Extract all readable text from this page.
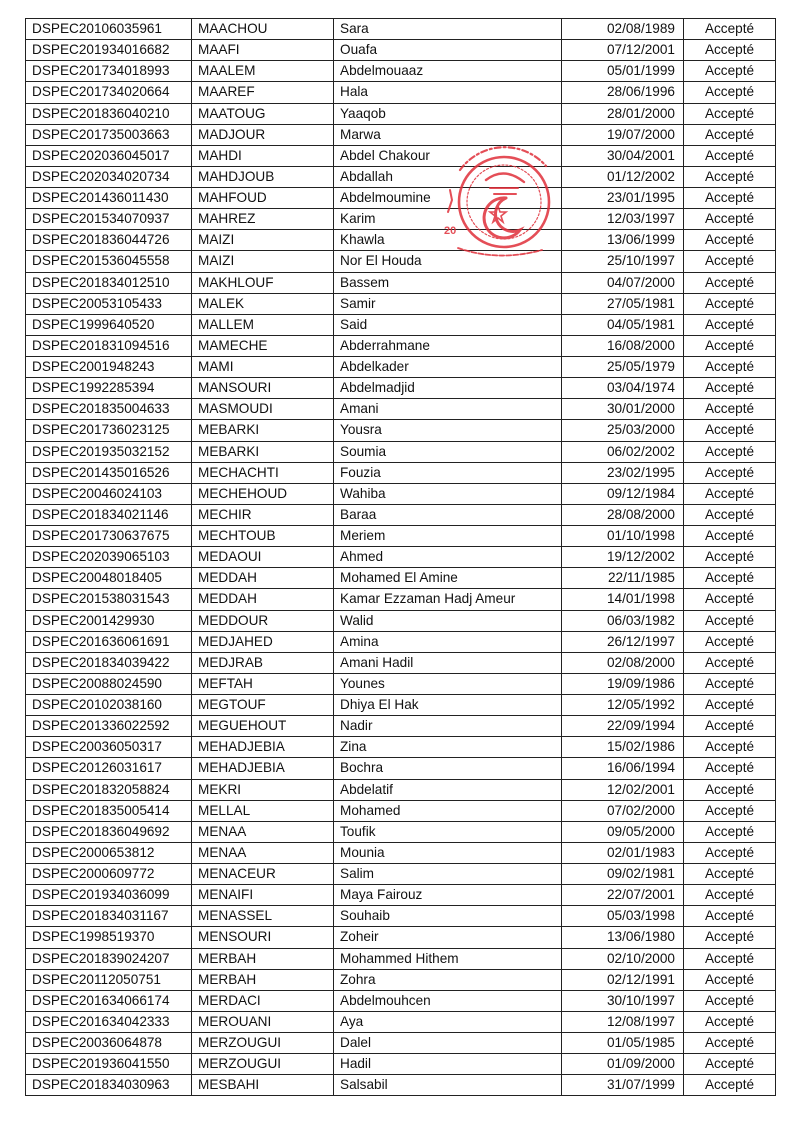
DSPEC20106035961	MAACHOU	Sara	02/08/1989	Accepté
DSPEC201934016682	MAAFI	Ouafa	07/12/2001	Accepté
DSPEC201734018993	MAALEM	Abdelmouaaz	05/01/1999	Accepté
DSPEC201734020664	MAAREF	Hala	28/06/1996	Accepté
DSPEC201836040210	MAATOUG	Yaaqob	28/01/2000	Accepté
DSPEC201735003663	MADJOUR	Marwa	19/07/2000	Accepté
DSPEC202036045017	MAHDI	Abdel Chakour	30/04/2001	Accepté
DSPEC202034020734	MAHDJOUB	Abdallah	01/12/2002	Accepté
DSPEC201436011430	MAHFOUD	Abdelmoumine	23/01/1995	Accepté
DSPEC201534070937	MAHREZ	Karim	12/03/1997	Accepté
DSPEC201836044726	MAIZI	Khawla	13/06/1999	Accepté
DSPEC201536045558	MAIZI	Nor El Houda	25/10/1997	Accepté
DSPEC201834012510	MAKHLOUF	Bassem	04/07/2000	Accepté
DSPEC20053105433	MALEK	Samir	27/05/1981	Accepté
DSPEC1999640520	MALLEM	Said	04/05/1981	Accepté
DSPEC201831094516	MAMECHE	Abderrahmane	16/08/2000	Accepté
DSPEC2001948243	MAMI	Abdelkader	25/05/1979	Accepté
DSPEC1992285394	MANSOURI	Abdelmadjid	03/04/1974	Accepté
DSPEC201835004633	MASMOUDI	Amani	30/01/2000	Accepté
DSPEC201736023125	MEBARKI	Yousra	25/03/2000	Accepté
DSPEC201935032152	MEBARKI	Soumia	06/02/2002	Accepté
DSPEC201435016526	MECHACHTI	Fouzia	23/02/1995	Accepté
DSPEC20046024103	MECHEHOUD	Wahiba	09/12/1984	Accepté
DSPEC201834021146	MECHIR	Baraa	28/08/2000	Accepté
DSPEC201730637675	MECHTOUB	Meriem	01/10/1998	Accepté
DSPEC202039065103	MEDAOUI	Ahmed	19/12/2002	Accepté
DSPEC20048018405	MEDDAH	Mohamed El Amine	22/11/1985	Accepté
DSPEC201538031543	MEDDAH	Kamar Ezzaman Hadj Ameur	14/01/1998	Accepté
DSPEC2001429930	MEDDOUR	Walid	06/03/1982	Accepté
DSPEC201636061691	MEDJAHED	Amina	26/12/1997	Accepté
DSPEC201834039422	MEDJRAB	Amani Hadil	02/08/2000	Accepté
DSPEC20088024590	MEFTAH	Younes	19/09/1986	Accepté
DSPEC20102038160	MEGTOUF	Dhiya El Hak	12/05/1992	Accepté
DSPEC201336022592	MEGUEHOUT	Nadir	22/09/1994	Accepté
DSPEC20036050317	MEHADJEBIA	Zina	15/02/1986	Accepté
DSPEC20126031617	MEHADJEBIA	Bochra	16/06/1994	Accepté
DSPEC201832058824	MEKRI	Abdelatif	12/02/2001	Accepté
DSPEC201835005414	MELLAL	Mohamed	07/02/2000	Accepté
DSPEC201836049692	MENAA	Toufik	09/05/2000	Accepté
DSPEC2000653812	MENAA	Mounia	02/01/1983	Accepté
DSPEC2000609772	MENACEUR	Salim	09/02/1981	Accepté
DSPEC201934036099	MENAIFI	Maya Fairouz	22/07/2001	Accepté
DSPEC201834031167	MENASSEL	Souhaib	05/03/1998	Accepté
DSPEC1998519370	MENSOURI	Zoheir	13/06/1980	Accepté
DSPEC201839024207	MERBAH	Mohammed Hithem	02/10/2000	Accepté
DSPEC20112050751	MERBAH	Zohra	02/12/1991	Accepté
DSPEC201634066174	MERDACI	Abdelmouhcen	30/10/1997	Accepté
DSPEC201634042333	MEROUANI	Aya	12/08/1997	Accepté
DSPEC20036064878	MERZOUGUI	Dalel	01/05/1985	Accepté
DSPEC201936041550	MERZOUGUI	Hadil	01/09/2000	Accepté
DSPEC201834030963	MESBAHI	Salsabil	31/07/1999	Accepté
20
